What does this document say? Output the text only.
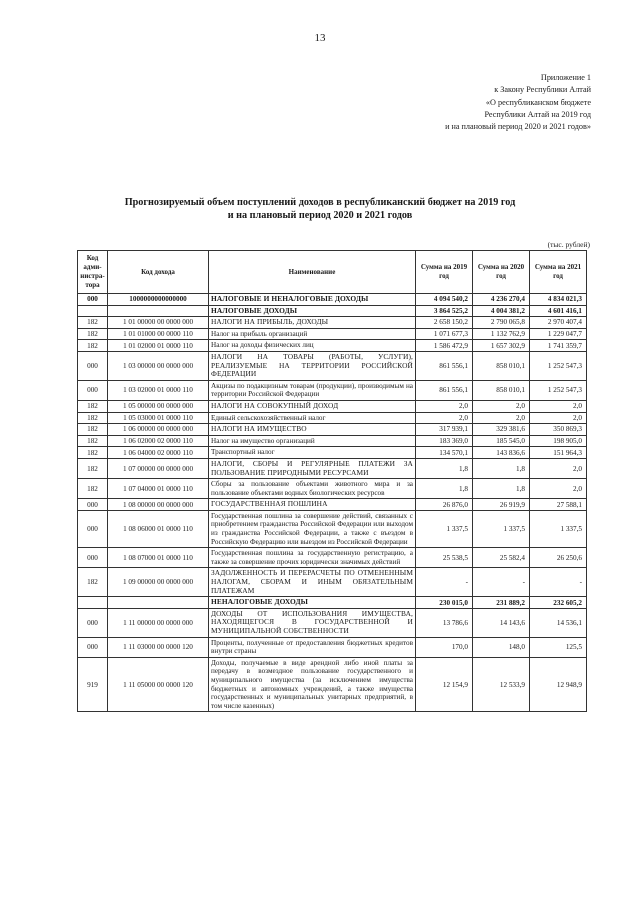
13
Приложение 1
к Закону Республики Алтай
«О республиканском бюджете
Республики Алтай на 2019 год
и на плановый период 2020 и 2021 годов»
Прогнозируемый объем поступлений доходов в республиканский бюджет на 2019 год
и на плановый период 2020 и 2021 годов
(тыс. рублей)
Код адми-нистра-тора	Код дохода	Наименование	Сумма на 2019 год	Сумма на 2020 год	Сумма на 2021 год
000	1000000000000000	НАЛОГОВЫЕ И НЕНАЛОГОВЫЕ ДОХОДЫ	4 094 540,2	4 236 270,4	4 834 021,3
		НАЛОГОВЫЕ ДОХОДЫ	3 864 525,2	4 004 381,2	4 601 416,1
182	1 01 00000 00 0000 000	НАЛОГИ НА ПРИБЫЛЬ, ДОХОДЫ	2 658 150,2	2 790 065,8	2 970 407,4
182	1 01 01000 00 0000 110	Налог на прибыль организаций	1 071 677,3	1 132 762,9	1 229 047,7
182	1 01 02000 01 0000 110	Налог на доходы физических лиц	1 586 472,9	1 657 302,9	1 741 359,7
000	1 03 00000 00 0000 000	НАЛОГИ НА ТОВАРЫ (РАБОТЫ, УСЛУГИ), РЕАЛИЗУЕМЫЕ НА ТЕРРИТОРИИ РОССИЙСКОЙ ФЕДЕРАЦИИ	861 556,1	858 010,1	1 252 547,3
000	1 03 02000 01 0000 110	Акцизы по подакцизным товарам (продукции), производимым на территории Российской Федерации	861 556,1	858 010,1	1 252 547,3
182	1 05 00000 00 0000 000	НАЛОГИ НА СОВОКУПНЫЙ ДОХОД	2,0	2,0	2,0
182	1 05 03000 01 0000 110	Единый сельскохозяйственный налог	2,0	2,0	2,0
182	1 06 00000 00 0000 000	НАЛОГИ НА ИМУЩЕСТВО	317 939,1	329 381,6	350 869,3
182	1 06 02000 02 0000 110	Налог на имущество организаций	183 369,0	185 545,0	198 905,0
182	1 06 04000 02 0000 110	Транспортный налог	134 570,1	143 836,6	151 964,3
182	1 07 00000 00 0000 000	НАЛОГИ, СБОРЫ И РЕГУЛЯРНЫЕ ПЛАТЕЖИ ЗА ПОЛЬЗОВАНИЕ ПРИРОДНЫМИ РЕСУРСАМИ	1,8	1,8	2,0
182	1 07 04000 01 0000 110	Сборы за пользование объектами животного мира и за пользование объектами водных биологических ресурсов	1,8	1,8	2,0
000	1 08 00000 00 0000 000	ГОСУДАРСТВЕННАЯ ПОШЛИНА	26 876,0	26 919,9	27 588,1
000	1 08 06000 01 0000 110	Государственная пошлина за совершение действий, связанных с приобретением гражданства Российской Федерации или выходом из гражданства Российской Федерации, а также с въездом в Российскую Федерацию или выездом из Российской Федерации	1 337,5	1 337,5	1 337,5
000	1 08 07000 01 0000 110	Государственная пошлина за государственную регистрацию, а также за совершение прочих юридически значимых действий	25 538,5	25 582,4	26 250,6
182	1 09 00000 00 0000 000	ЗАДОЛЖЕННОСТЬ И ПЕРЕРАСЧЕТЫ ПО ОТМЕНЕННЫМ НАЛОГАМ, СБОРАМ И ИНЫМ ОБЯЗАТЕЛЬНЫМ ПЛАТЕЖАМ	-	-	-
		НЕНАЛОГОВЫЕ ДОХОДЫ	230 015,0	231 889,2	232 605,2
000	1 11 00000 00 0000 000	ДОХОДЫ ОТ ИСПОЛЬЗОВАНИЯ ИМУЩЕСТВА, НАХОДЯЩЕГОСЯ В ГОСУДАРСТВЕННОЙ И МУНИЦИПАЛЬНОЙ СОБСТВЕННОСТИ	13 786,6	14 143,6	14 536,1
000	1 11 03000 00 0000 120	Проценты, полученные от предоставления бюджетных кредитов внутри страны	170,0	148,0	125,5
919	1 11 05000 00 0000 120	Доходы, получаемые в виде арендной либо иной платы за передачу в возмездное пользование государственного и муниципального имущества (за исключением имущества бюджетных и автономных учреждений, а также имущества государственных и муниципальных унитарных предприятий, в том числе казенных)	12 154,9	12 533,9	12 948,9
